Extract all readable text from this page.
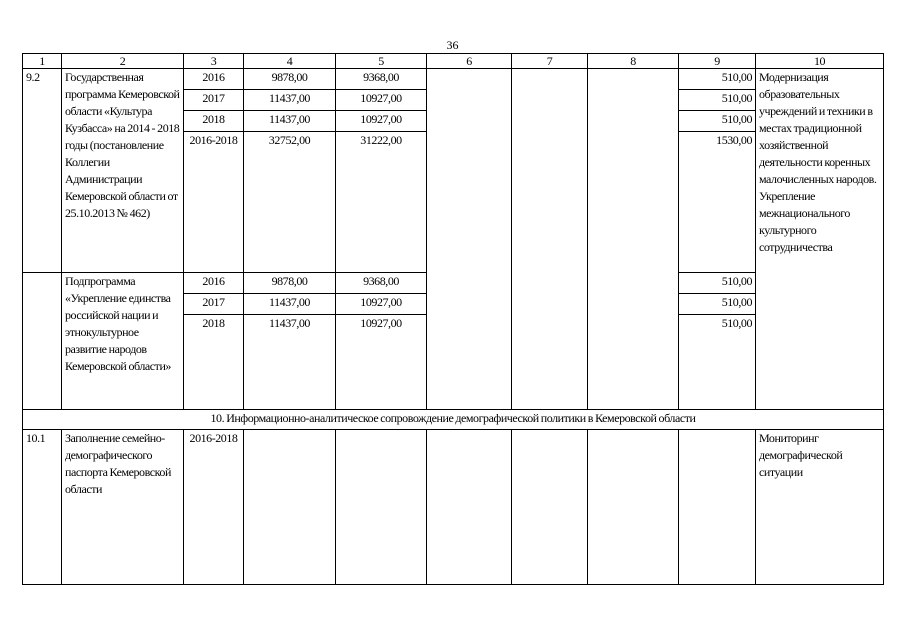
36
1	2	3	4	5	6	7	8	9	10
9.2	Государственная программа Кемеровской области «Культура Кузбасса» на 2014 - 2018 годы (постановление Коллегии Администрации Кемеровской области от 25.10.2013 № 462)	2016	9878,00	9368,00				510,00	Модернизация образовательных учреждений и техники в местах традиционной хозяйственной деятельности коренных малочисленных народов. Укрепление межнационального культурного сотрудничества
		2017	11437,00	10927,00				510,00	
		2018	11437,00	10927,00				510,00	
		2016-2018	32752,00	31222,00				1530,00	
	Подпрограмма «Укрепление единства российской нации и этнокультурное развитие народов Кемеровской области»	2016	9878,00	9368,00				510,00	
		2017	11437,00	10927,00				510,00	
		2018	11437,00	10927,00				510,00	
10. Информационно-аналитическое сопровождение демографической политики в Кемеровской области									
10.1	Заполнение семейно-демографического паспорта Кемеровской области	2016-2018							Мониторинг демографической ситуации
